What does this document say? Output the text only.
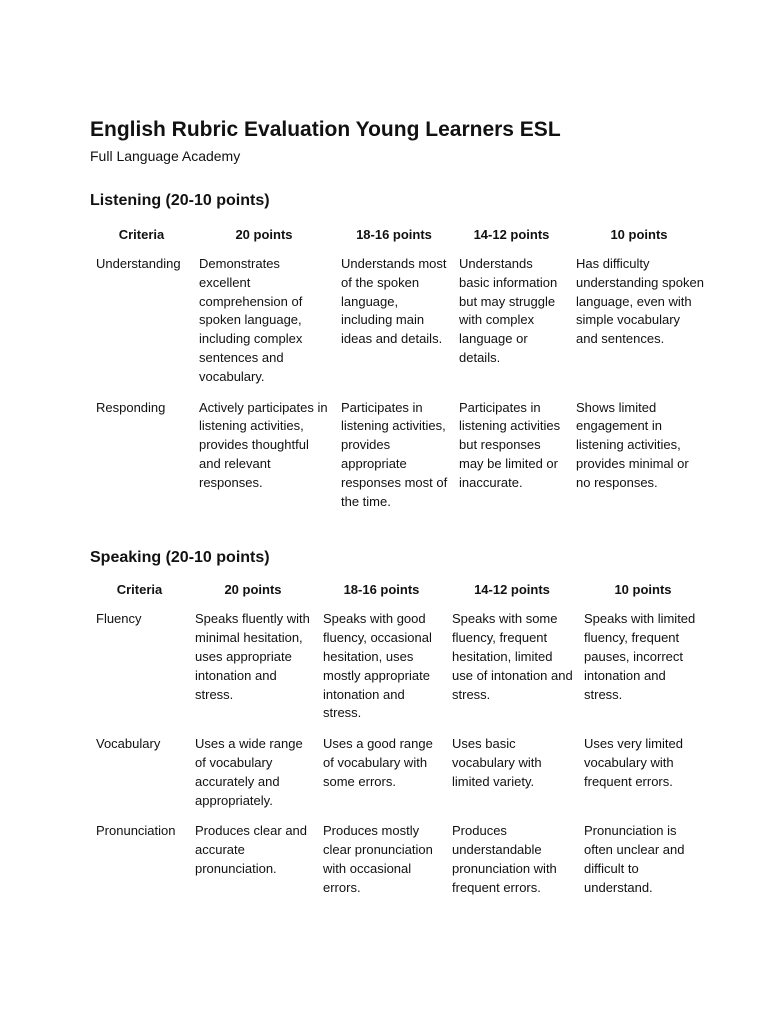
English Rubric Evaluation Young Learners ESL

Full Language Academy

Listening (20-10 points)
Criteria	20 points	18-16 points	14-12 points	10 points
Understanding	Demonstrates excellent comprehension of spoken language, including complex sentences and vocabulary.	Understands most of the spoken language, including main ideas and details.	Understands basic information but may struggle with complex language or details.	Has difficulty understanding spoken language, even with simple vocabulary and sentences.
Responding	Actively participates in listening activities, provides thoughtful and relevant responses.	Participates in listening activities, provides appropriate responses most of the time.	Participates in listening activities but responses may be limited or inaccurate.	Shows limited engagement in listening activities, provides minimal or no responses.
Speaking (20-10 points)
Criteria	20 points	18-16 points	14-12 points	10 points
Fluency	Speaks fluently with minimal hesitation, uses appropriate intonation and stress.	Speaks with good fluency, occasional hesitation, uses mostly appropriate intonation and stress.	Speaks with some fluency, frequent hesitation, limited use of intonation and stress.	Speaks with limited fluency, frequent pauses, incorrect intonation and stress.
Vocabulary	Uses a wide range of vocabulary accurately and appropriately.	Uses a good range of vocabulary with some errors.	Uses basic vocabulary with limited variety.	Uses very limited vocabulary with frequent errors.
Pronunciation	Produces clear and accurate pronunciation.	Produces mostly clear pronunciation with occasional errors.	Produces understandable pronunciation with frequent errors.	Pronunciation is often unclear and difficult to understand.
